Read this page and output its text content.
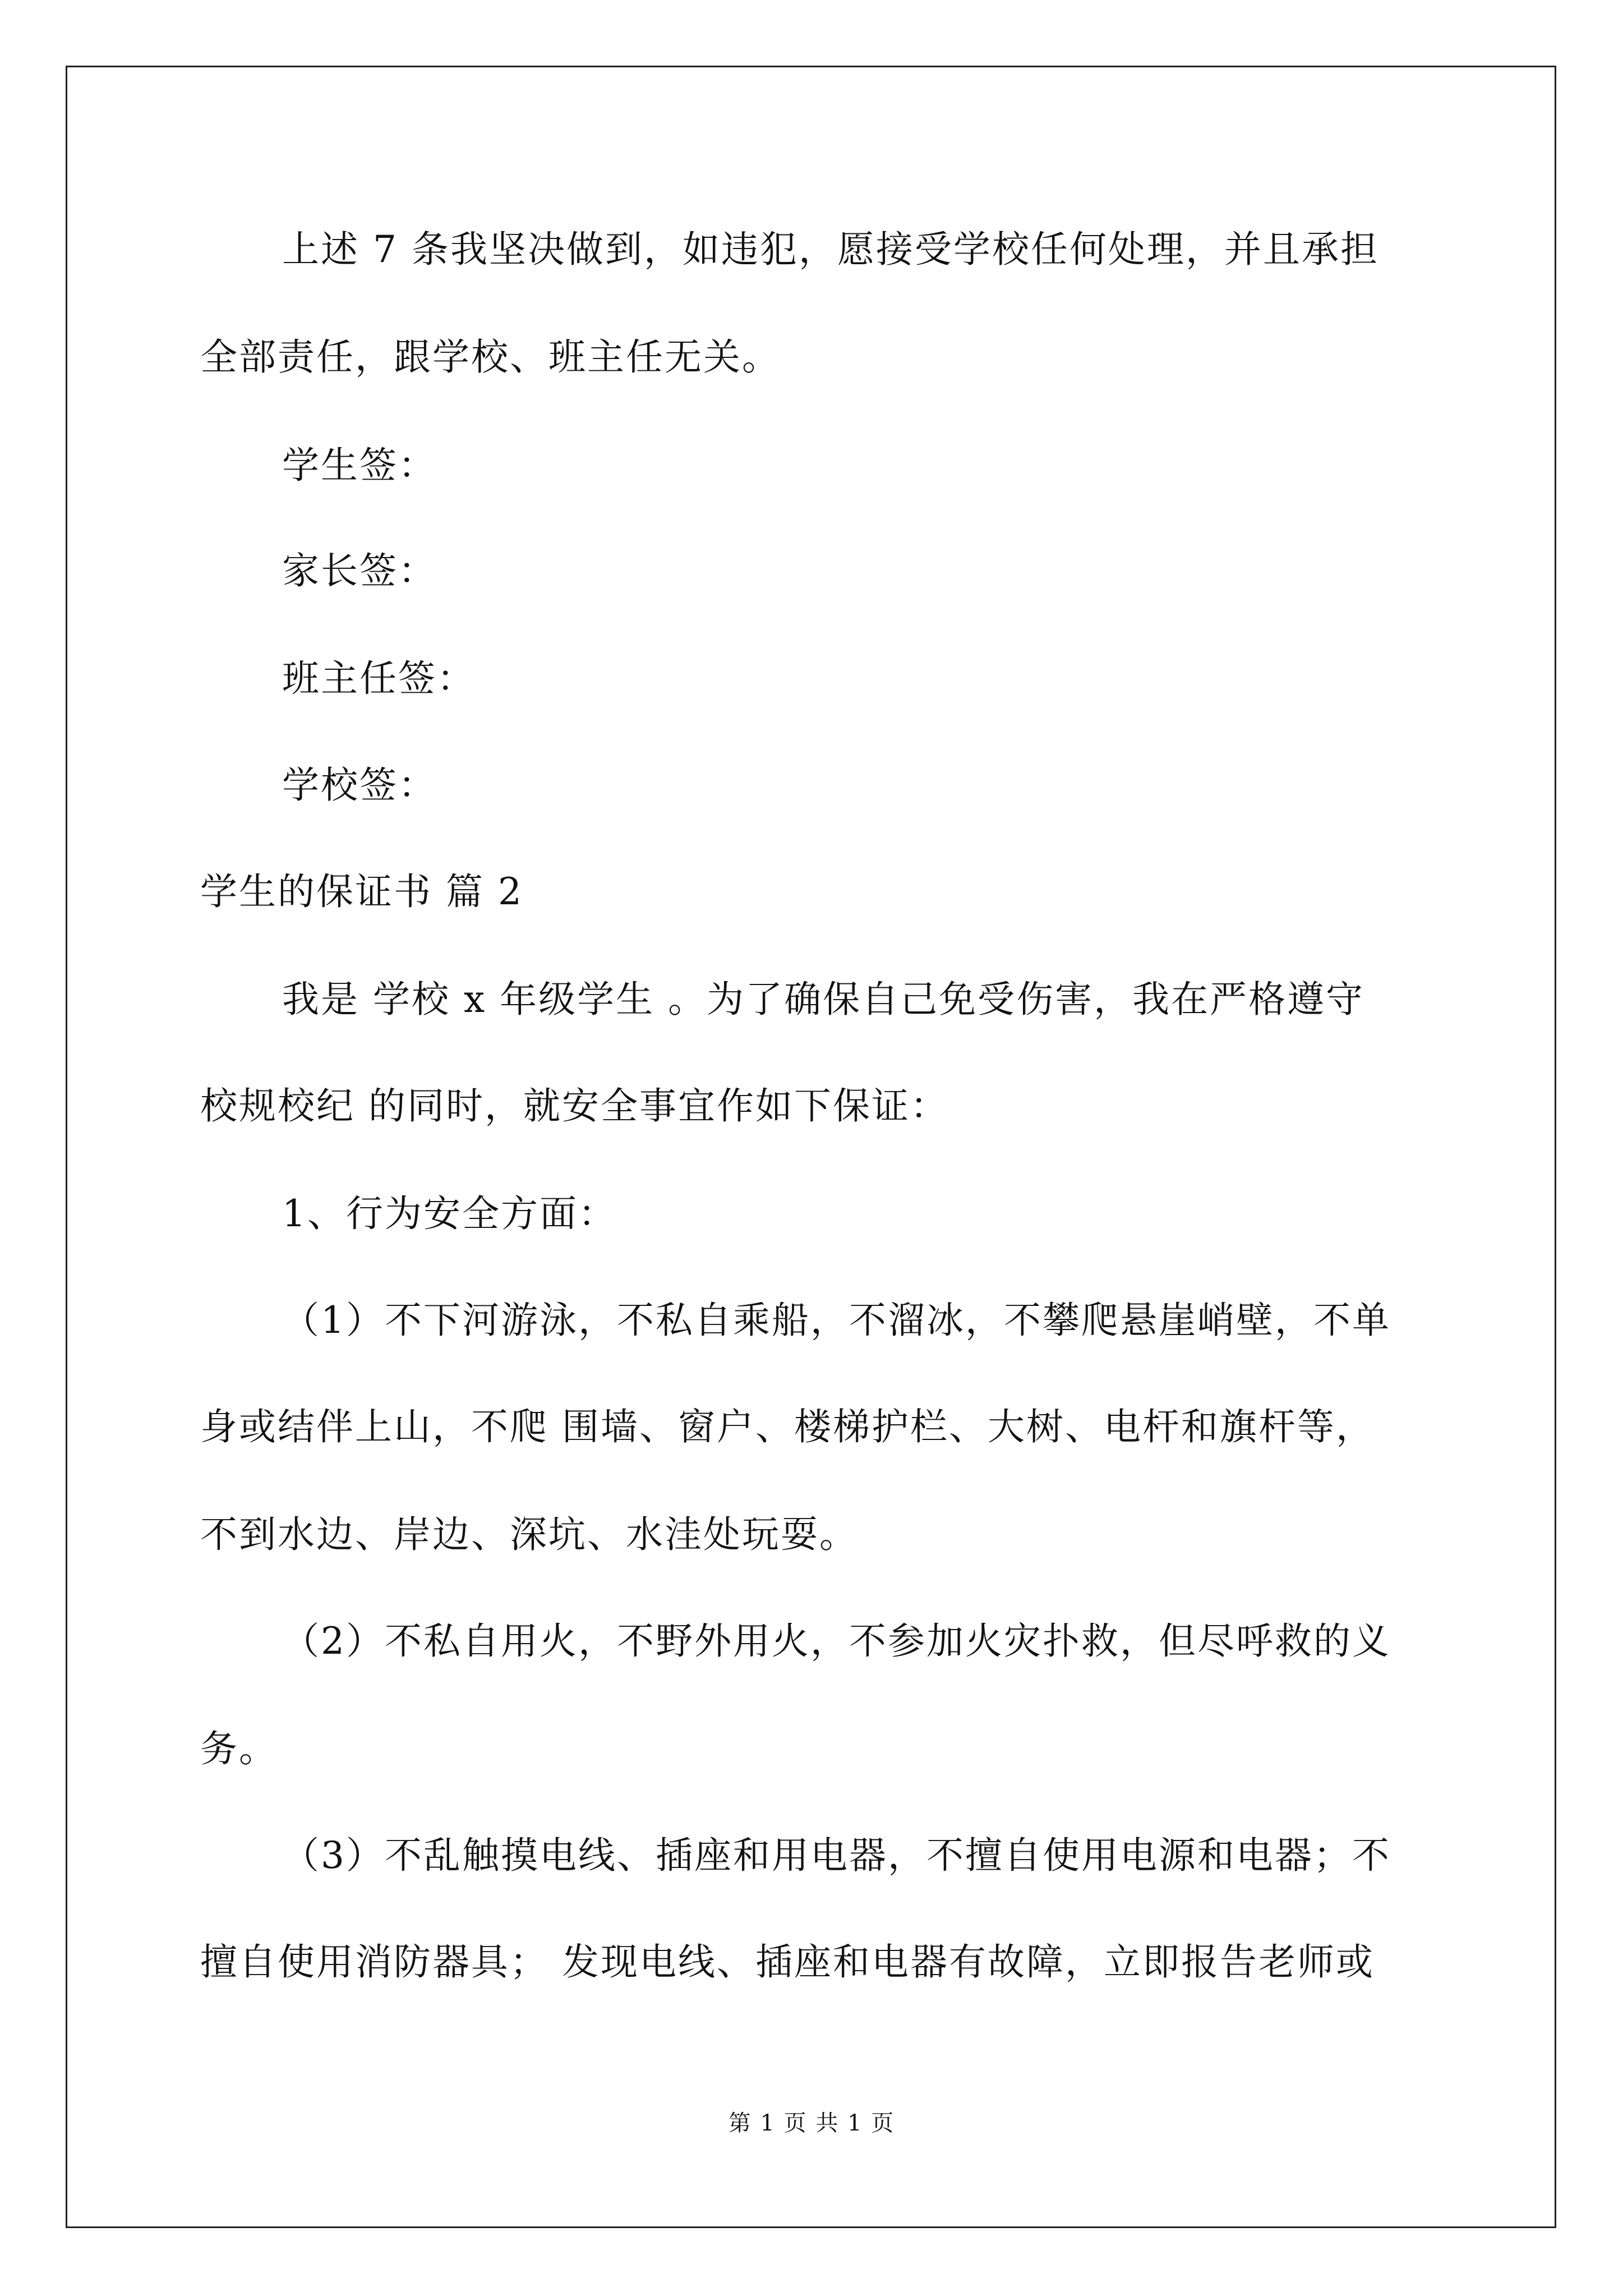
上述 7 条我坚决做到，如违犯，愿接受学校任何处理，并且承担
全部责任，跟学校、班主任无关。
学生签：
家长签：
班主任签：
学校签：
学生的保证书 篇 2
我是 学校 x 年级学生 。为了确保自己免受伤害，我在严格遵守
校规校纪 的同时，就安全事宜作如下保证：
1、行为安全方面：
（1）不下河游泳，不私自乘船，不溜冰，不攀爬悬崖峭壁，不单
身或结伴上山，不爬 围墙、窗户、楼梯护栏、大树、电杆和旗杆等，
不到水边、岸边、深坑、水洼处玩耍。
（2）不私自用火，不野外用火，不参加火灾扑救，但尽呼救的义
务。
（3）不乱触摸电线、插座和用电器，不擅自使用电源和电器；不
擅自使用消防器具； 发现电线、插座和电器有故障，立即报告老师或
第 1 页 共 1 页
